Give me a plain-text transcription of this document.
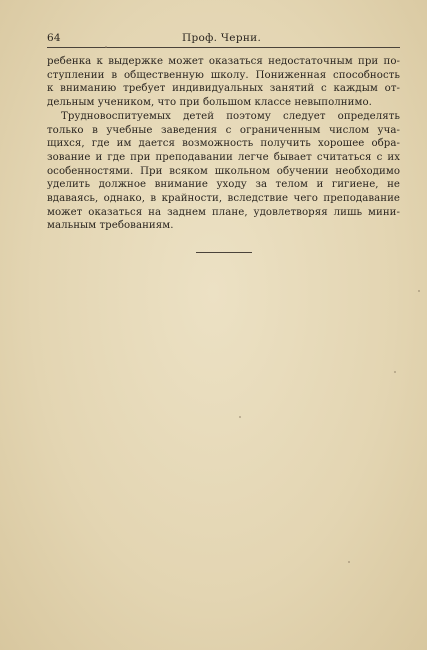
64	Проф. Черни.

ребенка к выдержке может оказаться недостаточным при по-
ступлении в общественную школу. Пониженная способность
к вниманию требует индивидуальных занятий с каждым от-
дельным учеником, что при большом классе невыполнимо.

Трудновоспитуемых детей поэтому следует определять
только в учебные заведения с ограниченным числом уча-
щихся, где им дается возможность получить хорошее обра-
зование и где при преподавании легче бывает считаться с их
особенностями. При всяком школьном обучении необходимо
уделить должное внимание уходу за телом и гигиене, не
вдаваясь, однако, в крайности, вследствие чего преподавание
может оказаться на заднем плане, удовлетворяя лишь мини-
мальным требованиям.
